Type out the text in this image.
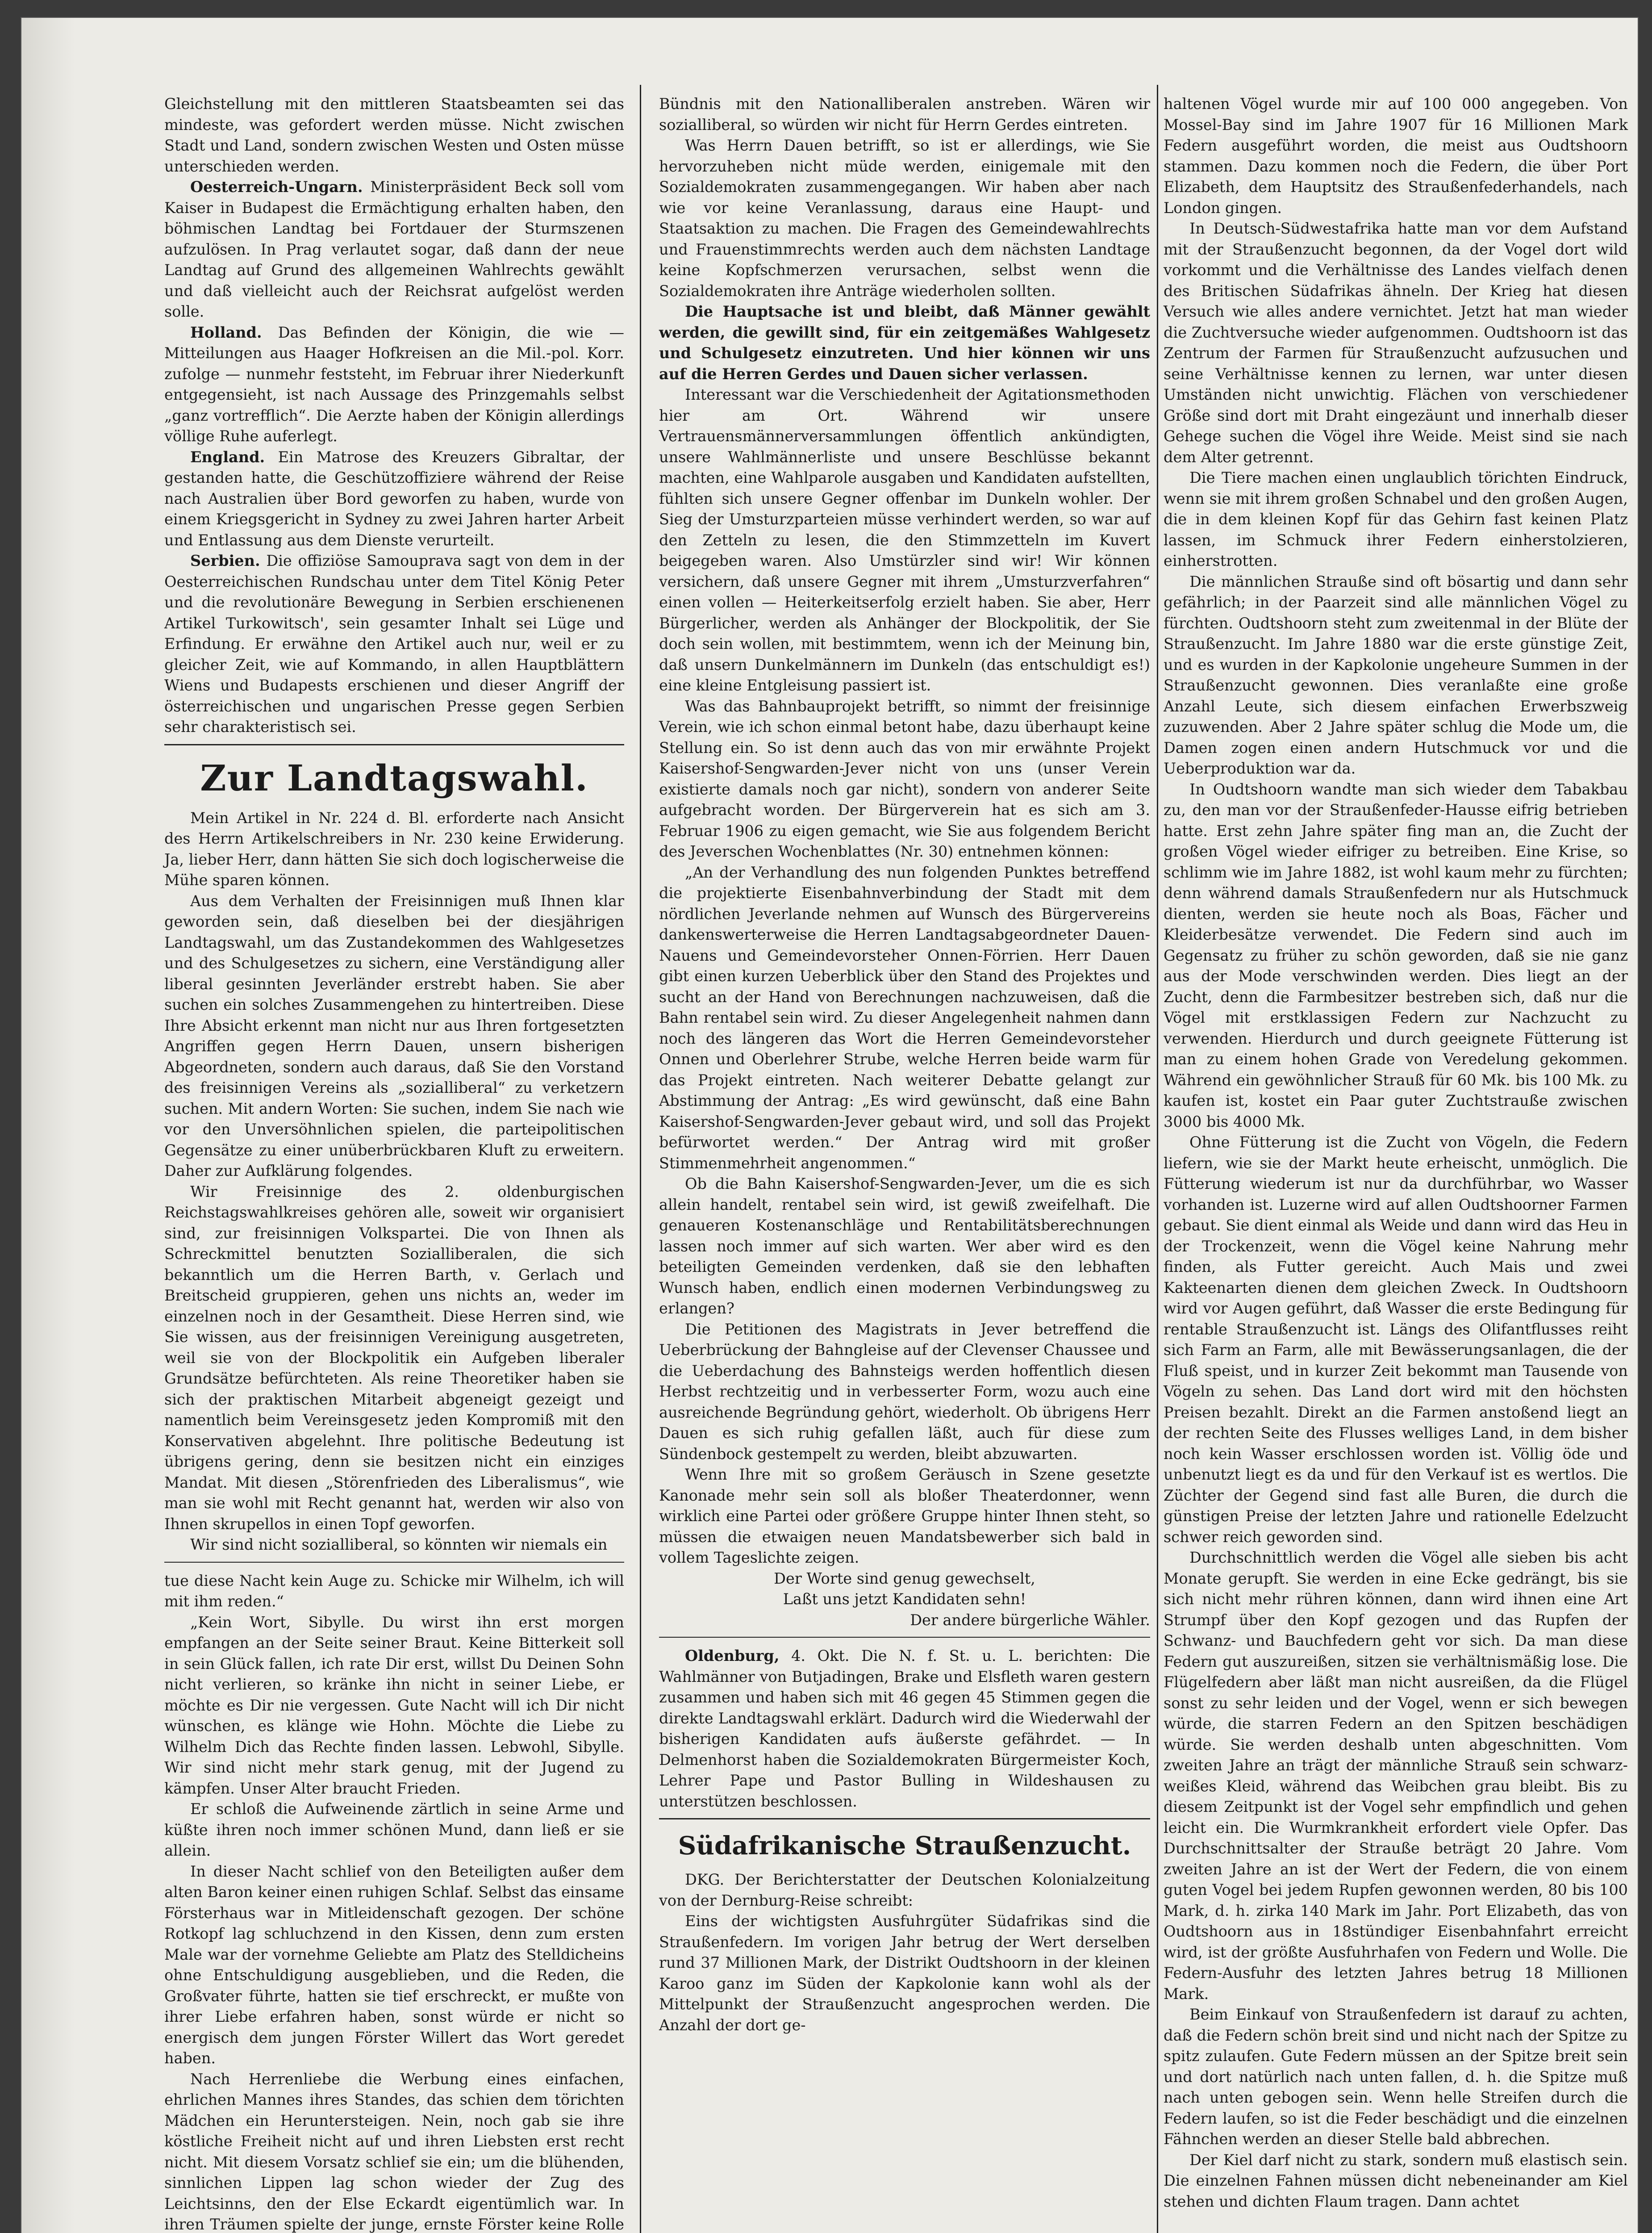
Gleichstellung mit den mittleren Staatsbeamten sei das mindeste, was gefordert werden müsse. Nicht zwischen Stadt und Land, sondern zwischen Westen und Osten müsse unterschieden werden.

Oesterreich-Ungarn. Ministerpräsident Beck soll vom Kaiser in Budapest die Ermächtigung erhalten haben, den böhmischen Landtag bei Fortdauer der Sturmszenen aufzulösen. In Prag verlautet sogar, daß dann der neue Landtag auf Grund des allgemeinen Wahlrechts gewählt und daß vielleicht auch der Reichsrat aufgelöst werden solle.

Holland. Das Befinden der Königin, die wie — Mitteilungen aus Haager Hofkreisen an die Mil.-pol. Korr. zufolge — nunmehr feststeht, im Februar ihrer Niederkunft entgegensieht, ist nach Aussage des Prinzgemahls selbst „ganz vortrefflich“. Die Aerzte haben der Königin allerdings völlige Ruhe auferlegt.

England. Ein Matrose des Kreuzers Gibraltar, der gestanden hatte, die Geschützoffiziere während der Reise nach Australien über Bord geworfen zu haben, wurde von einem Kriegsgericht in Sydney zu zwei Jahren harter Arbeit und Entlassung aus dem Dienste verurteilt.

Serbien. Die offiziöse Samouprava sagt von dem in der Oesterreichischen Rundschau unter dem Titel König Peter und die revolutionäre Bewegung in Serbien erschienenen Artikel Turkowitsch', sein gesamter Inhalt sei Lüge und Erfindung. Er erwähne den Artikel auch nur, weil er zu gleicher Zeit, wie auf Kommando, in allen Hauptblättern Wiens und Budapests erschienen und dieser Angriff der österreichischen und ungarischen Presse gegen Serbien sehr charakteristisch sei.

Zur Landtagswahl.

Mein Artikel in Nr. 224 d. Bl. erforderte nach Ansicht des Herrn Artikelschreibers in Nr. 230 keine Erwiderung. Ja, lieber Herr, dann hätten Sie sich doch logischerweise die Mühe sparen können.

Aus dem Verhalten der Freisinnigen muß Ihnen klar geworden sein, daß dieselben bei der diesjährigen Landtagswahl, um das Zustandekommen des Wahlgesetzes und des Schulgesetzes zu sichern, eine Verständigung aller liberal gesinnten Jeverländer erstrebt haben. Sie aber suchen ein solches Zusammengehen zu hintertreiben. Diese Ihre Absicht erkennt man nicht nur aus Ihren fortgesetzten Angriffen gegen Herrn Dauen, unsern bisherigen Abgeordneten, sondern auch daraus, daß Sie den Vorstand des freisinnigen Vereins als „sozialliberal“ zu verketzern suchen. Mit andern Worten: Sie suchen, indem Sie nach wie vor den Unversöhnlichen spielen, die parteipolitischen Gegensätze zu einer unüberbrückbaren Kluft zu erweitern. Daher zur Aufklärung folgendes.

Wir Freisinnige des 2. oldenburgischen Reichstagswahlkreises gehören alle, soweit wir organisiert sind, zur freisinnigen Volkspartei. Die von Ihnen als Schreckmittel benutzten Sozialliberalen, die sich bekanntlich um die Herren Barth, v. Gerlach und Breitscheid gruppieren, gehen uns nichts an, weder im einzelnen noch in der Gesamtheit. Diese Herren sind, wie Sie wissen, aus der freisinnigen Vereinigung ausgetreten, weil sie von der Blockpolitik ein Aufgeben liberaler Grundsätze befürchteten. Als reine Theoretiker haben sie sich der praktischen Mitarbeit abgeneigt gezeigt und namentlich beim Vereinsgesetz jeden Kompromiß mit den Konservativen abgelehnt. Ihre politische Bedeutung ist übrigens gering, denn sie besitzen nicht ein einziges Mandat. Mit diesen „Störenfrieden des Liberalismus“, wie man sie wohl mit Recht genannt hat, werden wir also von Ihnen skrupellos in einen Topf geworfen.

Wir sind nicht sozialliberal, so könnten wir niemals ein

tue diese Nacht kein Auge zu. Schicke mir Wilhelm, ich will mit ihm reden.“

„Kein Wort, Sibylle. Du wirst ihn erst morgen empfangen an der Seite seiner Braut. Keine Bitterkeit soll in sein Glück fallen, ich rate Dir erst, willst Du Deinen Sohn nicht verlieren, so kränke ihn nicht in seiner Liebe, er möchte es Dir nie vergessen. Gute Nacht will ich Dir nicht wünschen, es klänge wie Hohn. Möchte die Liebe zu Wilhelm Dich das Rechte finden lassen. Lebwohl, Sibylle. Wir sind nicht mehr stark genug, mit der Jugend zu kämpfen. Unser Alter braucht Frieden.

Er schloß die Aufweinende zärtlich in seine Arme und küßte ihren noch immer schönen Mund, dann ließ er sie allein.

In dieser Nacht schlief von den Beteiligten außer dem alten Baron keiner einen ruhigen Schlaf. Selbst das einsame Försterhaus war in Mitleidenschaft gezogen. Der schöne Rotkopf lag schluchzend in den Kissen, denn zum ersten Male war der vornehme Geliebte am Platz des Stelldicheins ohne Entschuldigung ausgeblieben, und die Reden, die Großvater führte, hatten sie tief erschreckt, er mußte von ihrer Liebe erfahren haben, sonst würde er nicht so energisch dem jungen Förster Willert das Wort geredet haben.

Nach Herrenliebe die Werbung eines einfachen, ehrlichen Mannes ihres Standes, das schien dem törichten Mädchen ein Heruntersteigen. Nein, noch gab sie ihre köstliche Freiheit nicht auf und ihren Liebsten erst recht nicht. Mit diesem Vorsatz schlief sie ein; um die blühenden, sinnlichen Lippen lag schon wieder der Zug des Leichtsinns, den der Else Eckardt eigentümlich war. In ihren Träumen spielte der junge, ernste Förster keine Rolle

Bündnis mit den Nationalliberalen anstreben. Wären wir sozialliberal, so würden wir nicht für Herrn Gerdes eintreten.

Was Herrn Dauen betrifft, so ist er allerdings, wie Sie hervorzuheben nicht müde werden, einigemale mit den Sozialdemokraten zusammengegangen. Wir haben aber nach wie vor keine Veranlassung, daraus eine Haupt- und Staatsaktion zu machen. Die Fragen des Gemeindewahlrechts und Frauenstimmrechts werden auch dem nächsten Landtage keine Kopfschmerzen verursachen, selbst wenn die Sozialdemokraten ihre Anträge wiederholen sollten.

Die Hauptsache ist und bleibt, daß Männer gewählt werden, die gewillt sind, für ein zeitgemäßes Wahlgesetz und Schulgesetz einzutreten. Und hier können wir uns auf die Herren Gerdes und Dauen sicher verlassen.

Interessant war die Verschiedenheit der Agitationsmethoden hier am Ort. Während wir unsere Vertrauensmännerversammlungen öffentlich ankündigten, unsere Wahlmännerliste und unsere Beschlüsse bekannt machten, eine Wahlparole ausgaben und Kandidaten aufstellten, fühlten sich unsere Gegner offenbar im Dunkeln wohler. Der Sieg der Umsturzparteien müsse verhindert werden, so war auf den Zetteln zu lesen, die den Stimmzetteln im Kuvert beigegeben waren. Also Umstürzler sind wir! Wir können versichern, daß unsere Gegner mit ihrem „Umsturzverfahren“ einen vollen — Heiterkeitserfolg erzielt haben. Sie aber, Herr Bürgerlicher, werden als Anhänger der Blockpolitik, der Sie doch sein wollen, mit bestimmtem, wenn ich der Meinung bin, daß unsern Dunkelmännern im Dunkeln (das entschuldigt es!) eine kleine Entgleisung passiert ist.

Was das Bahnbauprojekt betrifft, so nimmt der freisinnige Verein, wie ich schon einmal betont habe, dazu überhaupt keine Stellung ein. So ist denn auch das von mir erwähnte Projekt Kaisershof-Sengwarden-Jever nicht von uns (unser Verein existierte damals noch gar nicht), sondern von anderer Seite aufgebracht worden. Der Bürgerverein hat es sich am 3. Februar 1906 zu eigen gemacht, wie Sie aus folgendem Bericht des Jeverschen Wochenblattes (Nr. 30) entnehmen können:

„An der Verhandlung des nun folgenden Punktes betreffend die projektierte Eisenbahnverbindung der Stadt mit dem nördlichen Jeverlande nehmen auf Wunsch des Bürgervereins dankenswerterweise die Herren Landtagsabgeordneter Dauen-Nauens und Gemeindevorsteher Onnen-Förrien. Herr Dauen gibt einen kurzen Ueberblick über den Stand des Projektes und sucht an der Hand von Berechnungen nachzuweisen, daß die Bahn rentabel sein wird. Zu dieser Angelegenheit nahmen dann noch des längeren das Wort die Herren Gemeindevorsteher Onnen und Oberlehrer Strube, welche Herren beide warm für das Projekt eintreten. Nach weiterer Debatte gelangt zur Abstimmung der Antrag: „Es wird gewünscht, daß eine Bahn Kaisershof-Sengwarden-Jever gebaut wird, und soll das Projekt befürwortet werden.“ Der Antrag wird mit großer Stimmenmehrheit angenommen.“

Ob die Bahn Kaisershof-Sengwarden-Jever, um die es sich allein handelt, rentabel sein wird, ist gewiß zweifelhaft. Die genaueren Kostenanschläge und Rentabilitätsberechnungen lassen noch immer auf sich warten. Wer aber wird es den beteiligten Gemeinden verdenken, daß sie den lebhaften Wunsch haben, endlich einen modernen Verbindungsweg zu erlangen?

Die Petitionen des Magistrats in Jever betreffend die Ueberbrückung der Bahngleise auf der Clevenser Chaussee und die Ueberdachung des Bahnsteigs werden hoffentlich diesen Herbst rechtzeitig und in verbesserter Form, wozu auch eine ausreichende Begründung gehört, wiederholt. Ob übrigens Herr Dauen es sich ruhig gefallen läßt, auch für diese zum Sündenbock gestempelt zu werden, bleibt abzuwarten.

Wenn Ihre mit so großem Geräusch in Szene gesetzte Kanonade mehr sein soll als bloßer Theaterdonner, wenn wirklich eine Partei oder größere Gruppe hinter Ihnen steht, so müssen die etwaigen neuen Mandatsbewerber sich bald in vollem Tageslichte zeigen.

Der Worte sind genug gewechselt,

Laßt uns jetzt Kandidaten sehn!

Der andere bürgerliche Wähler.

Oldenburg, 4. Okt. Die N. f. St. u. L. berichten: Die Wahlmänner von Butjadingen, Brake und Elsfleth waren gestern zusammen und haben sich mit 46 gegen 45 Stimmen gegen die direkte Landtagswahl erklärt. Dadurch wird die Wiederwahl der bisherigen Kandidaten aufs äußerste gefährdet. — In Delmenhorst haben die Sozialdemokraten Bürgermeister Koch, Lehrer Pape und Pastor Bulling in Wildeshausen zu unterstützen beschlossen.

Südafrikanische Straußenzucht.

DKG. Der Berichterstatter der Deutschen Kolonialzeitung von der Dernburg-Reise schreibt:

Eins der wichtigsten Ausfuhrgüter Südafrikas sind die Straußenfedern. Im vorigen Jahr betrug der Wert derselben rund 37 Millionen Mark, der Distrikt Oudtshoorn in der kleinen Karoo ganz im Süden der Kapkolonie kann wohl als der Mittelpunkt der Straußenzucht angesprochen werden. Die Anzahl der dort ge-

haltenen Vögel wurde mir auf 100 000 angegeben. Von Mossel-Bay sind im Jahre 1907 für 16 Millionen Mark Federn ausgeführt worden, die meist aus Oudtshoorn stammen. Dazu kommen noch die Federn, die über Port Elizabeth, dem Hauptsitz des Straußenfederhandels, nach London gingen.

In Deutsch-Südwestafrika hatte man vor dem Aufstand mit der Straußenzucht begonnen, da der Vogel dort wild vorkommt und die Verhältnisse des Landes vielfach denen des Britischen Südafrikas ähneln. Der Krieg hat diesen Versuch wie alles andere vernichtet. Jetzt hat man wieder die Zuchtversuche wieder aufgenommen. Oudtshoorn ist das Zentrum der Farmen für Straußenzucht aufzusuchen und seine Verhältnisse kennen zu lernen, war unter diesen Umständen nicht unwichtig. Flächen von verschiedener Größe sind dort mit Draht eingezäunt und innerhalb dieser Gehege suchen die Vögel ihre Weide. Meist sind sie nach dem Alter getrennt.

Die Tiere machen einen unglaublich törichten Eindruck, wenn sie mit ihrem großen Schnabel und den großen Augen, die in dem kleinen Kopf für das Gehirn fast keinen Platz lassen, im Schmuck ihrer Federn einherstolzieren, einherstrotten.

Die männlichen Strauße sind oft bösartig und dann sehr gefährlich; in der Paarzeit sind alle männlichen Vögel zu fürchten. Oudtshoorn steht zum zweitenmal in der Blüte der Straußenzucht. Im Jahre 1880 war die erste günstige Zeit, und es wurden in der Kapkolonie ungeheure Summen in der Straußenzucht gewonnen. Dies veranlaßte eine große Anzahl Leute, sich diesem einfachen Erwerbszweig zuzuwenden. Aber 2 Jahre später schlug die Mode um, die Damen zogen einen andern Hutschmuck vor und die Ueberproduktion war da.

In Oudtshoorn wandte man sich wieder dem Tabakbau zu, den man vor der Straußenfeder-Hausse eifrig betrieben hatte. Erst zehn Jahre später fing man an, die Zucht der großen Vögel wieder eifriger zu betreiben. Eine Krise, so schlimm wie im Jahre 1882, ist wohl kaum mehr zu fürchten; denn während damals Straußenfedern nur als Hutschmuck dienten, werden sie heute noch als Boas, Fächer und Kleiderbesätze verwendet. Die Federn sind auch im Gegensatz zu früher zu schön geworden, daß sie nie ganz aus der Mode verschwinden werden. Dies liegt an der Zucht, denn die Farmbesitzer bestreben sich, daß nur die Vögel mit erstklassigen Federn zur Nachzucht zu verwenden. Hierdurch und durch geeignete Fütterung ist man zu einem hohen Grade von Veredelung gekommen. Während ein gewöhnlicher Strauß für 60 Mk. bis 100 Mk. zu kaufen ist, kostet ein Paar guter Zuchtstrauße zwischen 3000 bis 4000 Mk.

Ohne Fütterung ist die Zucht von Vögeln, die Federn liefern, wie sie der Markt heute erheischt, unmöglich. Die Fütterung wiederum ist nur da durchführbar, wo Wasser vorhanden ist. Luzerne wird auf allen Oudtshoorner Farmen gebaut. Sie dient einmal als Weide und dann wird das Heu in der Trockenzeit, wenn die Vögel keine Nahrung mehr finden, als Futter gereicht. Auch Mais und zwei Kakteenarten dienen dem gleichen Zweck. In Oudtshoorn wird vor Augen geführt, daß Wasser die erste Bedingung für rentable Straußenzucht ist. Längs des Olifantflusses reiht sich Farm an Farm, alle mit Bewässerungsanlagen, die der Fluß speist, und in kurzer Zeit bekommt man Tausende von Vögeln zu sehen. Das Land dort wird mit den höchsten Preisen bezahlt. Direkt an die Farmen anstoßend liegt an der rechten Seite des Flusses welliges Land, in dem bisher noch kein Wasser erschlossen worden ist. Völlig öde und unbenutzt liegt es da und für den Verkauf ist es wertlos. Die Züchter der Gegend sind fast alle Buren, die durch die günstigen Preise der letzten Jahre und rationelle Edelzucht schwer reich geworden sind.

Durchschnittlich werden die Vögel alle sieben bis acht Monate gerupft. Sie werden in eine Ecke gedrängt, bis sie sich nicht mehr rühren können, dann wird ihnen eine Art Strumpf über den Kopf gezogen und das Rupfen der Schwanz- und Bauchfedern geht vor sich. Da man diese Federn gut auszureißen, sitzen sie verhältnismäßig lose. Die Flügelfedern aber läßt man nicht ausreißen, da die Flügel sonst zu sehr leiden und der Vogel, wenn er sich bewegen würde, die starren Federn an den Spitzen beschädigen würde. Sie werden deshalb unten abgeschnitten. Vom zweiten Jahre an trägt der männliche Strauß sein schwarz-weißes Kleid, während das Weibchen grau bleibt. Bis zu diesem Zeitpunkt ist der Vogel sehr empfindlich und gehen leicht ein. Die Wurmkrankheit erfordert viele Opfer. Das Durchschnittsalter der Strauße beträgt 20 Jahre. Vom zweiten Jahre an ist der Wert der Federn, die von einem guten Vogel bei jedem Rupfen gewonnen werden, 80 bis 100 Mark, d. h. zirka 140 Mark im Jahr. Port Elizabeth, das von Oudtshoorn aus in 18stündiger Eisenbahnfahrt erreicht wird, ist der größte Ausfuhrhafen von Federn und Wolle. Die Federn-Ausfuhr des letzten Jahres betrug 18 Millionen Mark.

Beim Einkauf von Straußenfedern ist darauf zu achten, daß die Federn schön breit sind und nicht nach der Spitze zu spitz zulaufen. Gute Federn müssen an der Spitze breit sein und dort natürlich nach unten fallen, d. h. die Spitze muß nach unten gebogen sein. Wenn helle Streifen durch die Federn laufen, so ist die Feder beschädigt und die einzelnen Fähnchen werden an dieser Stelle bald abbrechen.

Der Kiel darf nicht zu stark, sondern muß elastisch sein. Die einzelnen Fahnen müssen dicht nebeneinander am Kiel stehen und dichten Flaum tragen. Dann achtet
